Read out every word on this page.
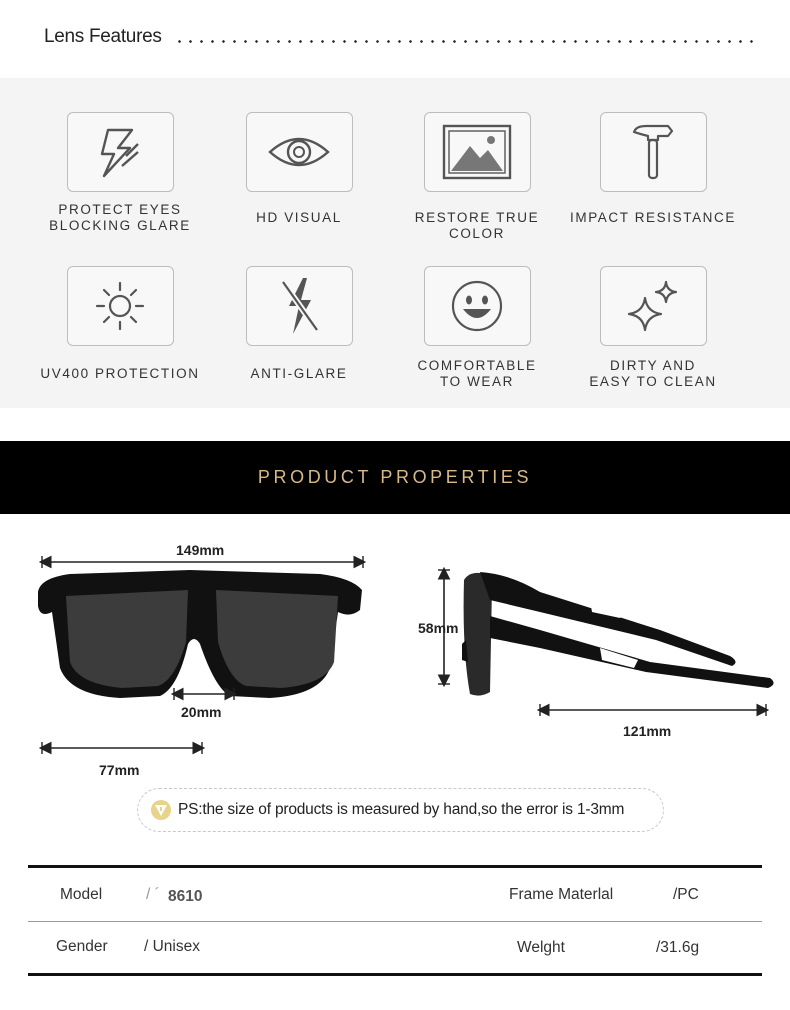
Lens Features
PROTECT EYES
BLOCKING GLARE
HD VISUAL	RESTORE TRUE COLOR
IMPACT RESISTANCE
UV400 PROTECTION	ANTI-GLARE
COMFORTABLE
TO WEAR
DIRTY AND
EASY TO CLEAN
PRODUCT PROPERTIES
149mm
20mm
77mm
58mm
121mm
PS:the size of products is measured by hand,so the error is 1-3mm
Model	/ ´ 8610	Frame Materlal	/PC
Gender / Unisex	Welght	/31.6g
